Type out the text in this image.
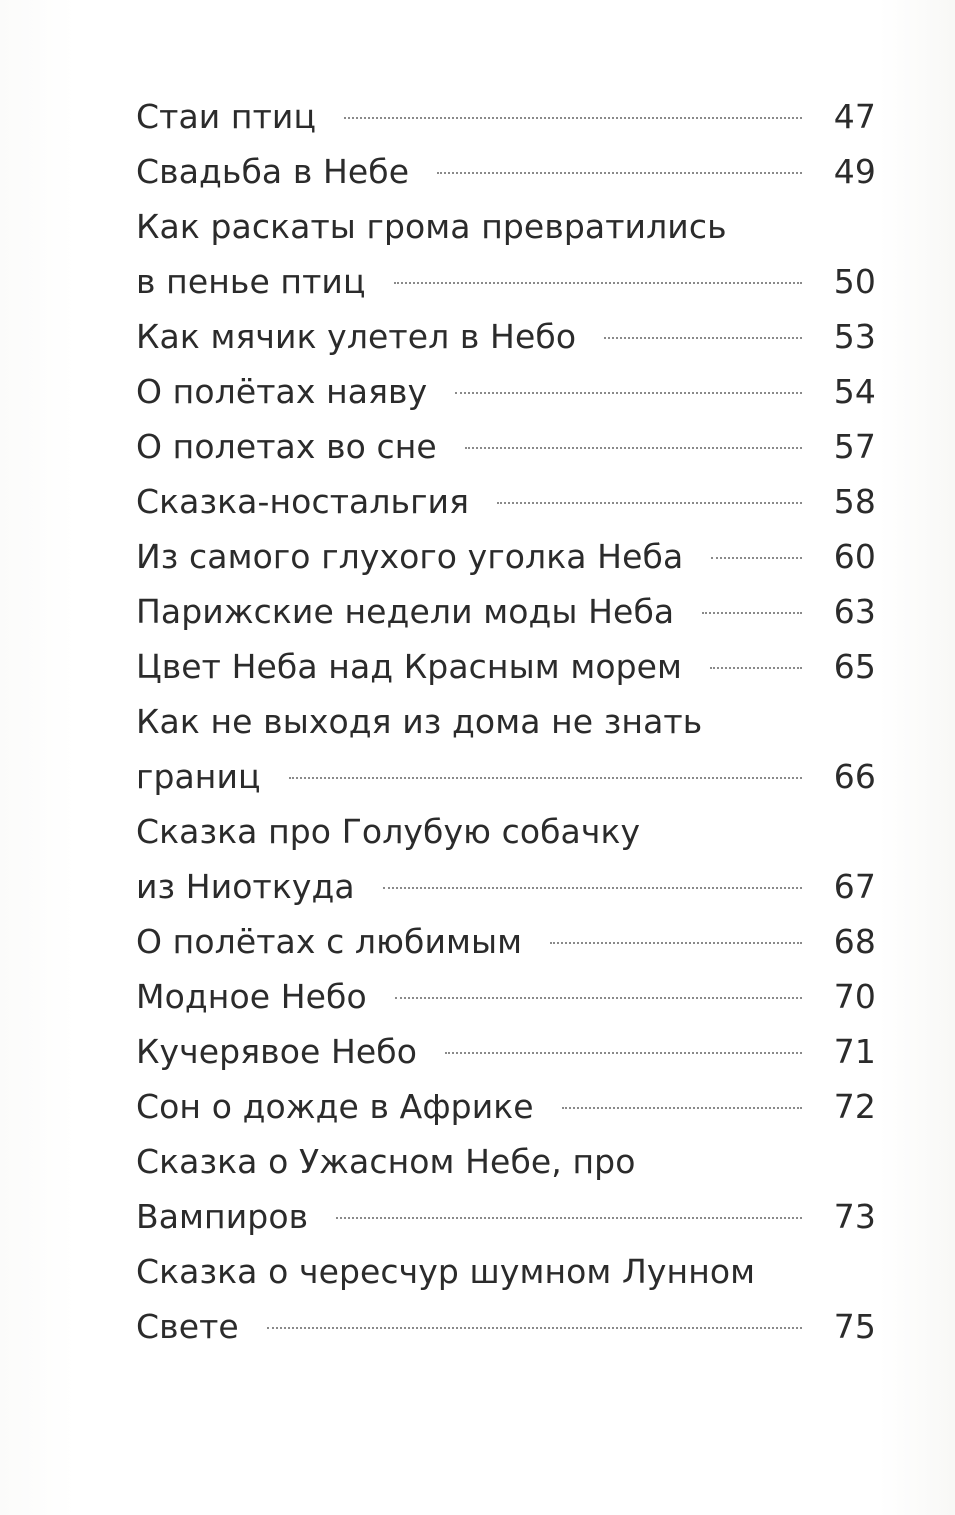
Стаи птиц	47
Свадьба в Небе	49
Как раскаты грома превратились
в пенье птиц	50
Как мячик улетел в Небо	53
О полётах наяву	54
О полетах во сне	57
Сказка-ностальгия	58
Из самого глухого уголка Неба	60
Парижские недели моды Неба	63
Цвет Неба над Красным морем	65
Как не выходя из дома не знать
границ	66
Сказка про Голубую собачку
из Ниоткуда	67
О полётах с любимым	68
Модное Небо	70
Кучерявое Небо	71
Сон о дожде в Африке	72
Сказка о Ужасном Небе, про
Вампиров	73
Сказка о чересчур шумном Лунном
Свете	75
